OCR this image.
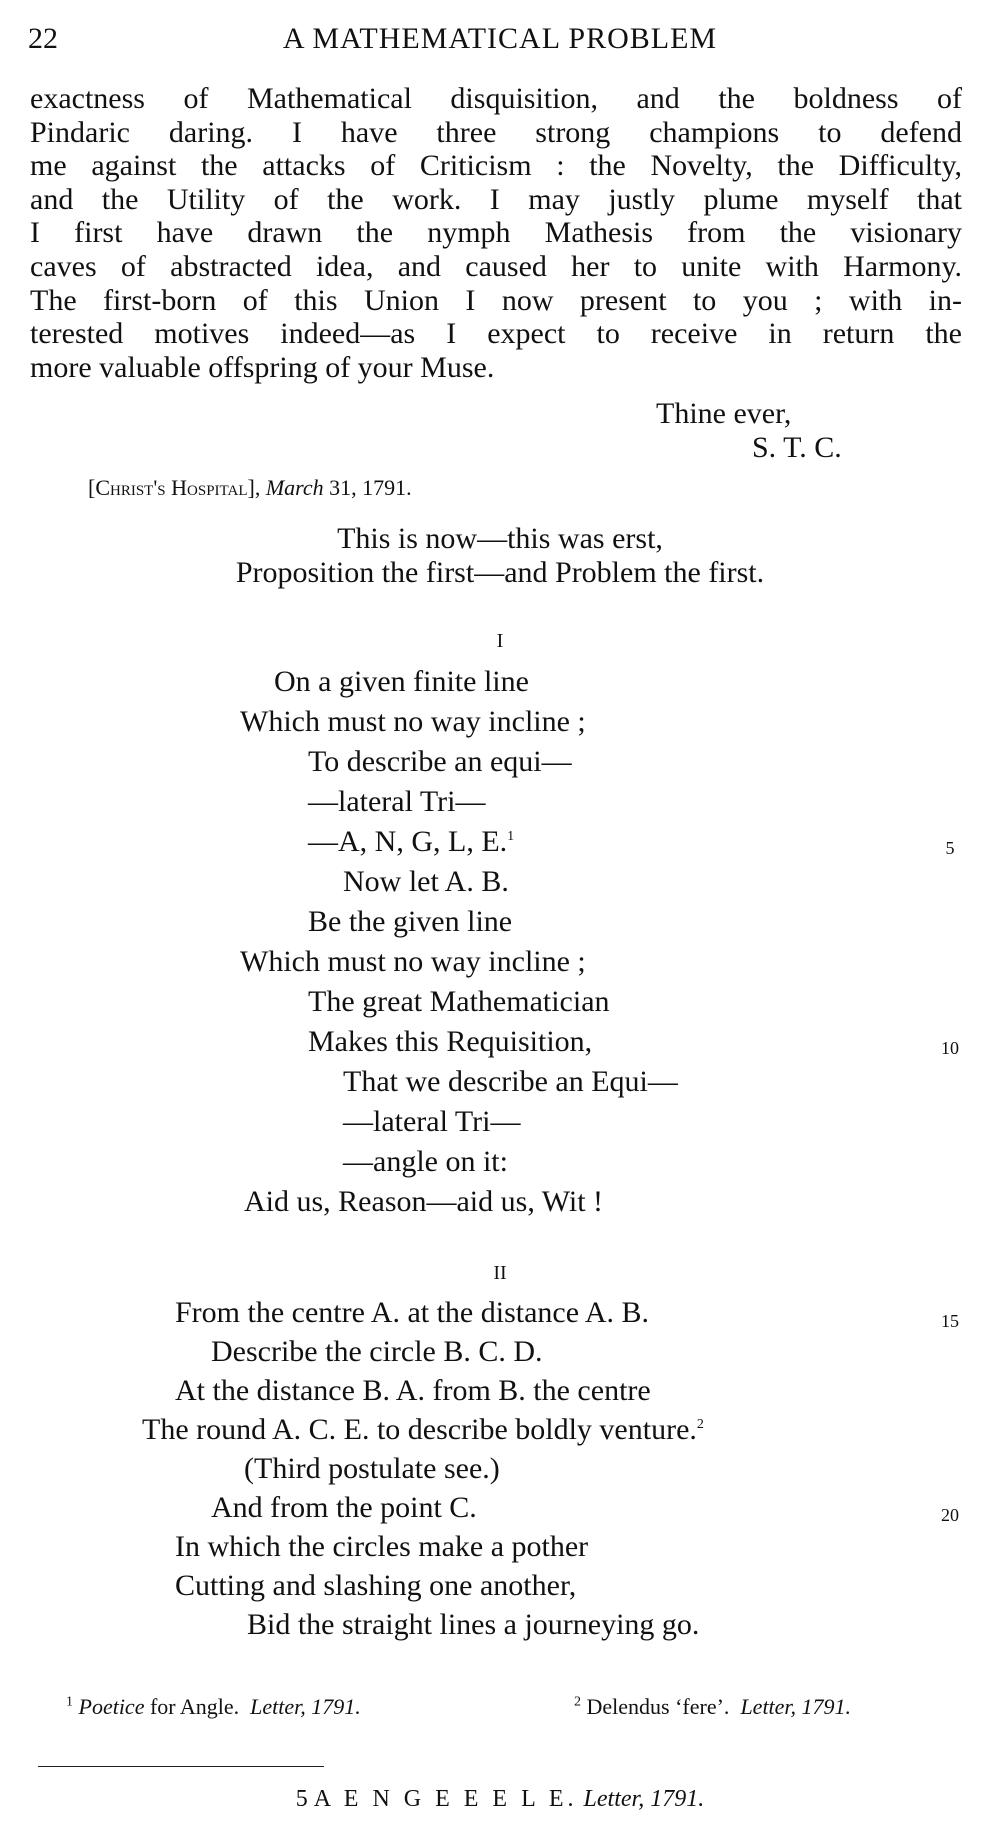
22	A MATHEMATICAL PROBLEM
exactness of Mathematical disquisition, and the boldness of
Pindaric daring. I have three strong champions to defend
me against the attacks of Criticism : the Novelty, the Difficulty,
and the Utility of the work. I may justly plume myself that
I first have drawn the nymph Mathesis from the visionary
caves of abstracted idea, and caused her to unite with Harmony.
The first-born of this Union I now present to you ; with in-
terested motives indeed—as I expect to receive in return the
more valuable offspring of your Muse.
Thine ever,
S. T. C.
[Christ's Hospital], March 31, 1791.
This is now—this was erst,
Proposition the first—and Problem the first.
I
On a given finite line
Which must no way incline ;
To describe an equi—
—lateral Tri—
—A, N, G, L, E.$^1$
5
Now let A. B.
Be the given line
Which must no way incline ;
The great Mathematician
Makes this Requisition,	10
That we describe an Equi—
—lateral Tri—
—angle on it:
Aid us, Reason—aid us, Wit !
II
From the centre A. at the distance A. B.	15
Describe the circle B. C. D.
At the distance B. A. from B. the centre
The round A. C. E. to describe boldly venture.$^2$
(Third postulate see.)
And from the point C.	20
In which the circles make a pother
Cutting and slashing one another,
Bid the straight lines a journeying go.
$^1$ Poetice for Angle. Letter, 1791.	$^2$ Delendus ‘fere’. Letter, 1791.
5 A E N G E E E L E. Letter, 1791.
